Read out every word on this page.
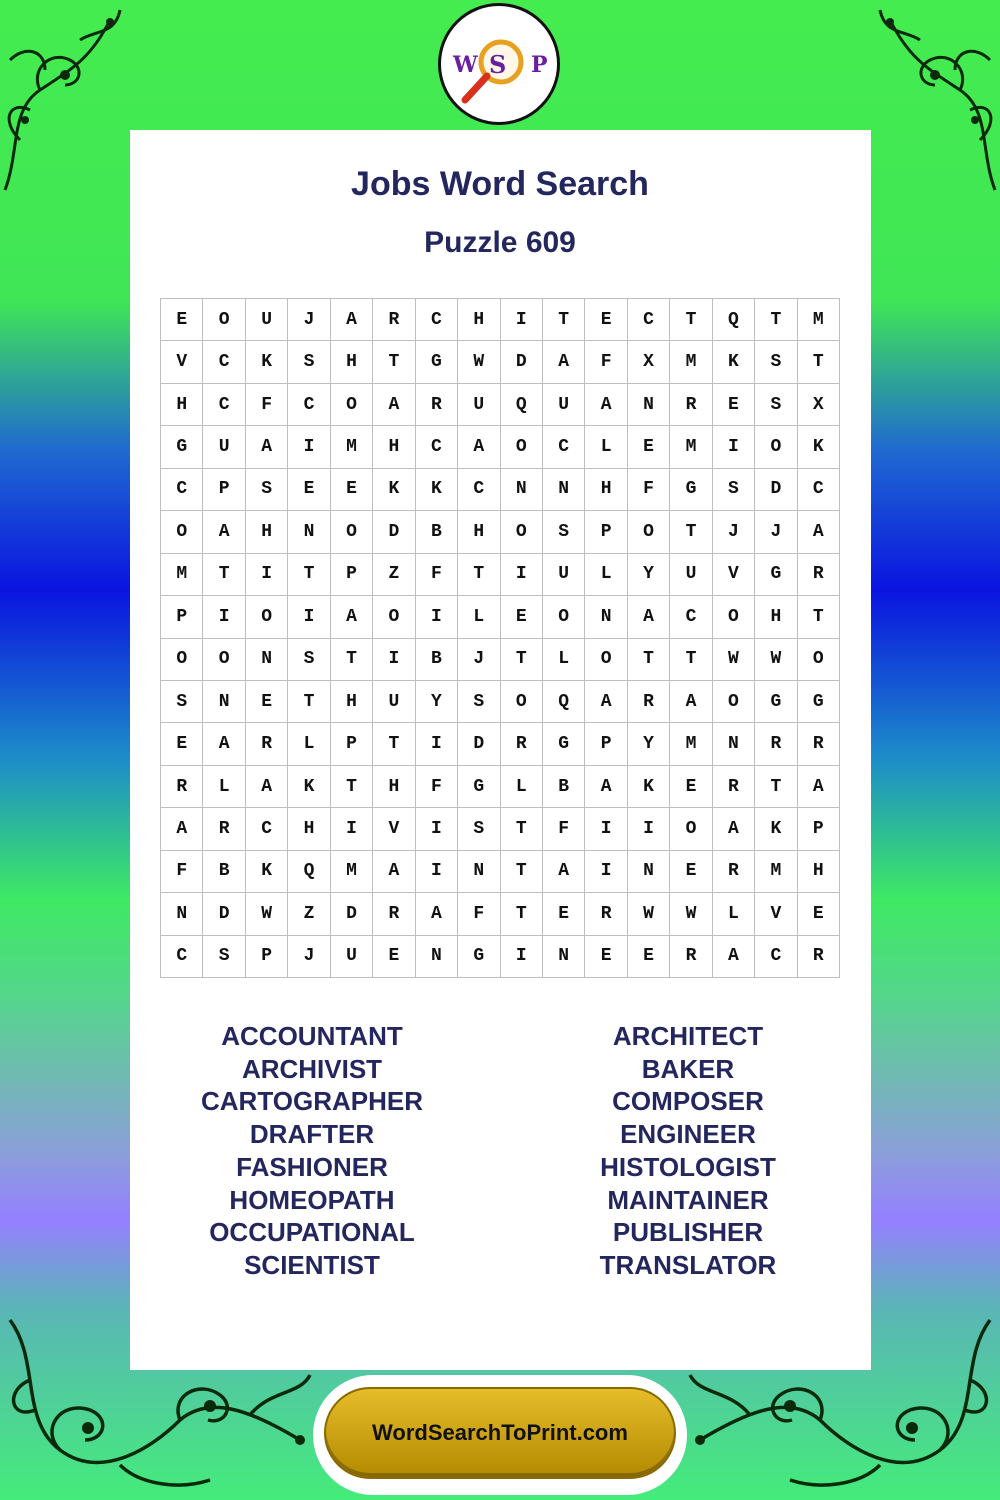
W S P
Jobs Word Search
Puzzle 609
E	O	U	J	A	R	C	H	I	T	E	C	T	Q	T	M
V	C	K	S	H	T	G	W	D	A	F	X	M	K	S	T
H	C	F	C	O	A	R	U	Q	U	A	N	R	E	S	X
G	U	A	I	M	H	C	A	O	C	L	E	M	I	O	K
C	P	S	E	E	K	K	C	N	N	H	F	G	S	D	C
O	A	H	N	O	D	B	H	O	S	P	O	T	J	J	A
M	T	I	T	P	Z	F	T	I	U	L	Y	U	V	G	R
P	I	O	I	A	O	I	L	E	O	N	A	C	O	H	T
O	O	N	S	T	I	B	J	T	L	O	T	T	W	W	O
S	N	E	T	H	U	Y	S	O	Q	A	R	A	O	G	G
E	A	R	L	P	T	I	D	R	G	P	Y	M	N	R	R
R	L	A	K	T	H	F	G	L	B	A	K	E	R	T	A
A	R	C	H	I	V	I	S	T	F	I	I	O	A	K	P
F	B	K	Q	M	A	I	N	T	A	I	N	E	R	M	H
N	D	W	Z	D	R	A	F	T	E	R	W	W	L	V	E
C	S	P	J	U	E	N	G	I	N	E	E	R	A	C	R
ACCOUNTANT
ARCHIVIST
CARTOGRAPHER
DRAFTER
FASHIONER
HOMEOPATH
OCCUPATIONAL
SCIENTIST
ARCHITECT
BAKER
COMPOSER
ENGINEER
HISTOLOGIST
MAINTAINER
PUBLISHER
TRANSLATOR
WordSearchToPrint.com
